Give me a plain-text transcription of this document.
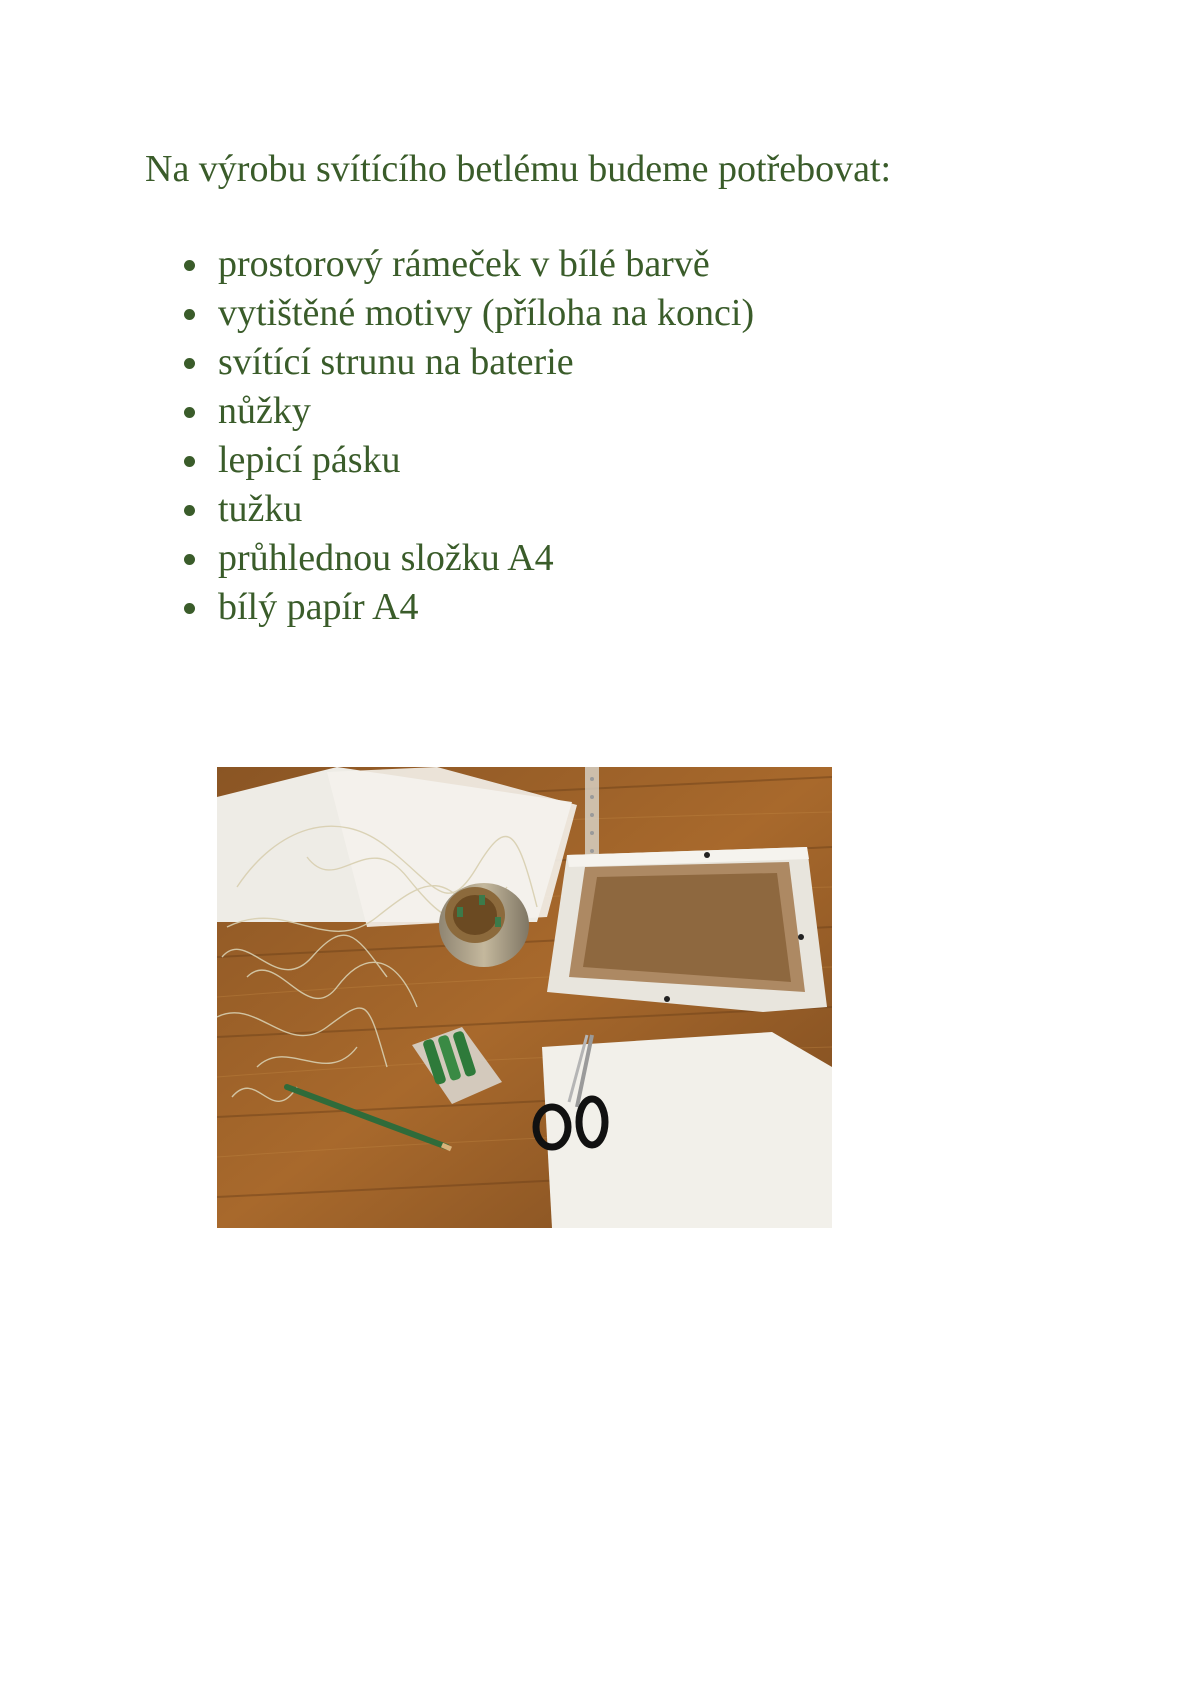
Na výrobu svítícího betlému budeme potřebovat:
prostorový rámeček v bílé barvě
vytištěné motivy (příloha na konci)
svítící strunu na baterie
nůžky
lepicí pásku
tužku
průhlednou složku A4
bílý papír A4
